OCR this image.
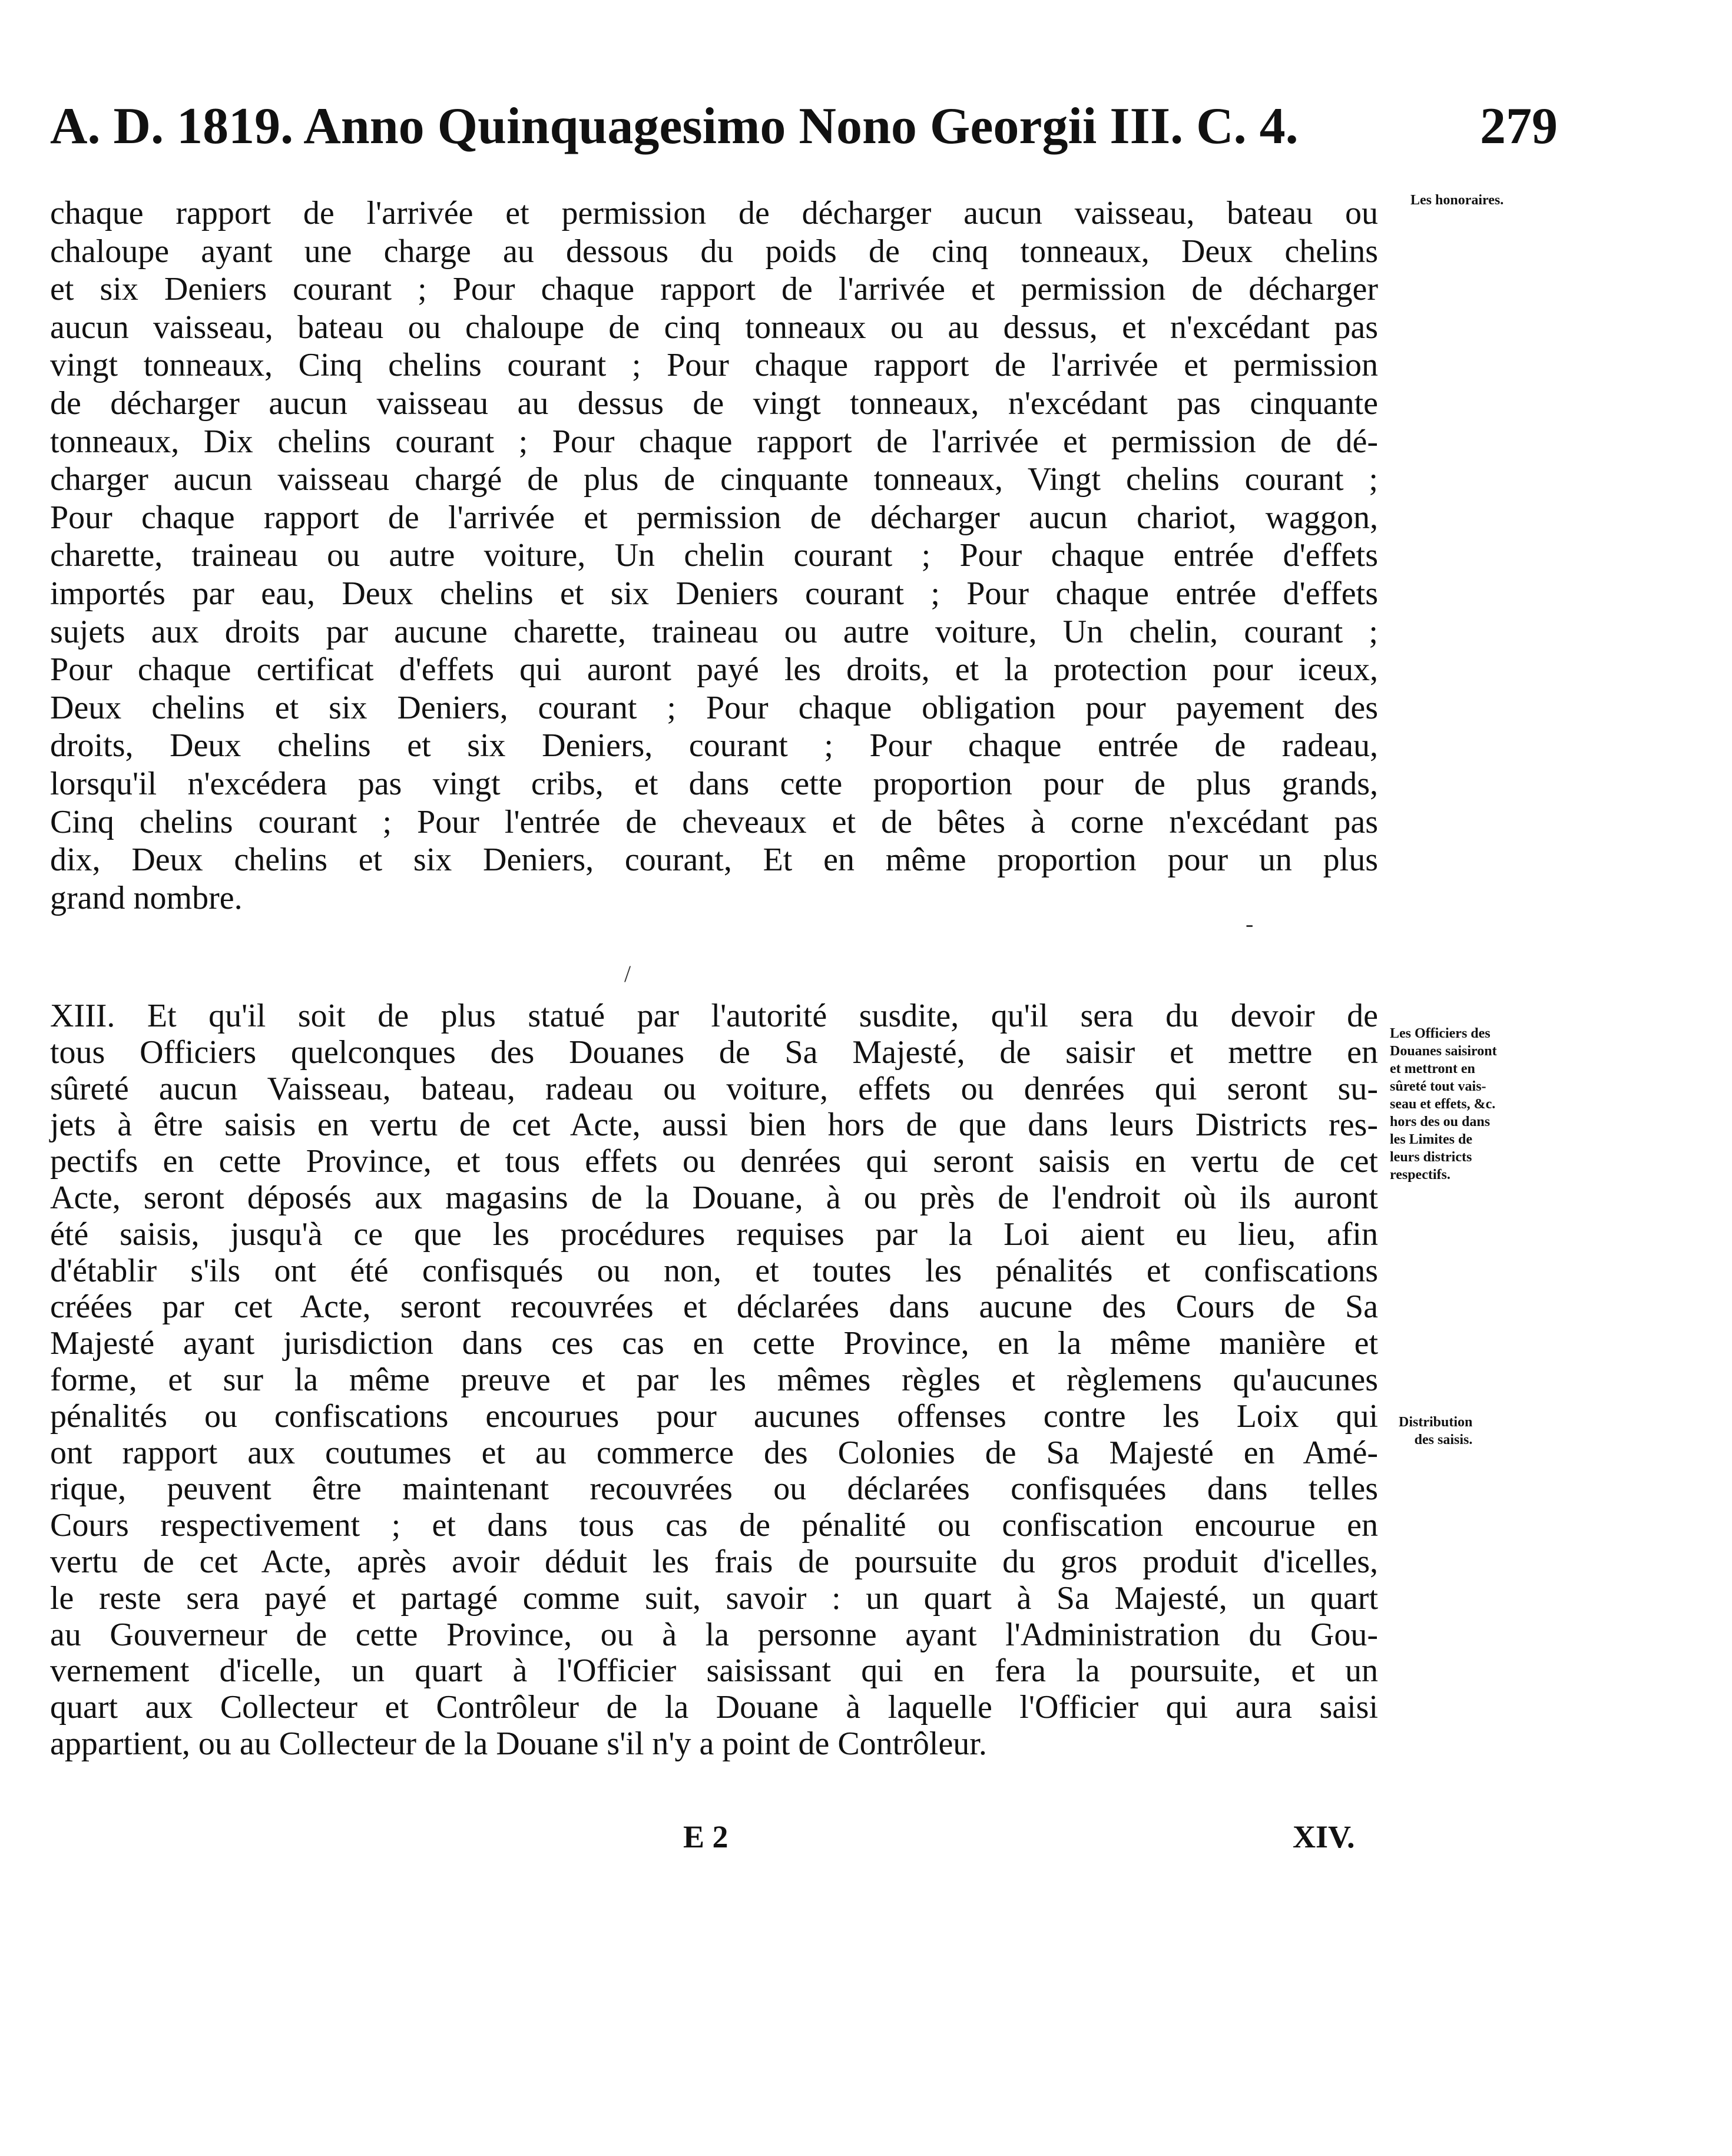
A. D. 1819. Anno Quinquagesimo Nono Georgii III. C. 4.	279
chaque rapport de l'arrivée et permission de décharger aucun vaisseau, bateau ou
chaloupe ayant une charge au dessous du poids de cinq tonneaux, Deux chelins
et six Deniers courant ; Pour chaque rapport de l'arrivée et permission de décharger
aucun vaisseau, bateau ou chaloupe de cinq tonneaux ou au dessus, et n'excédant pas
vingt tonneaux, Cinq chelins courant ; Pour chaque rapport de l'arrivée et permission
de décharger aucun vaisseau au dessus de vingt tonneaux, n'excédant pas cinquante
tonneaux, Dix chelins courant ; Pour chaque rapport de l'arrivée et permission de dé-
charger aucun vaisseau chargé de plus de cinquante tonneaux, Vingt chelins courant ;
Pour chaque rapport de l'arrivée et permission de décharger aucun chariot, waggon,
charette, traineau ou autre voiture, Un chelin courant ; Pour chaque entrée d'effets
importés par eau, Deux chelins et six Deniers courant ; Pour chaque entrée d'effets
sujets aux droits par aucune charette, traineau ou autre voiture, Un chelin, courant ;
Pour chaque certificat d'effets qui auront payé les droits, et la protection pour iceux,
Deux chelins et six Deniers, courant ; Pour chaque obligation pour payement des
droits, Deux chelins et six Deniers, courant ; Pour chaque entrée de radeau,
lorsqu'il n'excédera pas vingt cribs, et dans cette proportion pour de plus grands,
Cinq chelins courant ; Pour l'entrée de cheveaux et de bêtes à corne n'excédant pas
dix, Deux chelins et six Deniers, courant, Et en même proportion pour un plus
grand nombre.
XIII. Et qu'il soit de plus statué par l'autorité susdite, qu'il sera du devoir de
tous Officiers quelconques des Douanes de Sa Majesté, de saisir et mettre en
sûreté aucun Vaisseau, bateau, radeau ou voiture, effets ou denrées qui seront su-
jets à être saisis en vertu de cet Acte, aussi bien hors de que dans leurs Districts res-
pectifs en cette Province, et tous effets ou denrées qui seront saisis en vertu de cet
Acte, seront déposés aux magasins de la Douane, à ou près de l'endroit où ils auront
été saisis, jusqu'à ce que les procédures requises par la Loi aient eu lieu, afin
d'établir s'ils ont été confisqués ou non, et toutes les pénalités et confiscations
créées par cet Acte, seront recouvrées et déclarées dans aucune des Cours de Sa
Majesté ayant jurisdiction dans ces cas en cette Province, en la même manière et
forme, et sur la même preuve et par les mêmes règles et règlemens qu'aucunes
pénalités ou confiscations encourues pour aucunes offenses contre les Loix qui
ont rapport aux coutumes et au commerce des Colonies de Sa Majesté en Amé-
rique, peuvent être maintenant recouvrées ou déclarées confisquées dans telles
Cours respectivement ; et dans tous cas de pénalité ou confiscation encourue en
vertu de cet Acte, après avoir déduit les frais de poursuite du gros produit d'icelles,
le reste sera payé et partagé comme suit, savoir : un quart à Sa Majesté, un quart
au Gouverneur de cette Province, ou à la personne ayant l'Administration du Gou-
vernement d'icelle, un quart à l'Officier saisissant qui en fera la poursuite, et un
quart aux Collecteur et Contrôleur de la Douane à laquelle l'Officier qui aura saisi
appartient, ou au Collecteur de la Douane s'il n'y a point de Contrôleur.
Les honoraires.
Les Officiers des
Douanes saisiront
et mettront en
sûreté tout vais-
seau et effets, &c.
hors des ou dans
les Limites de
leurs districts
respectifs.
Distribution
des saisis.
-
/
E 2	XIV.
